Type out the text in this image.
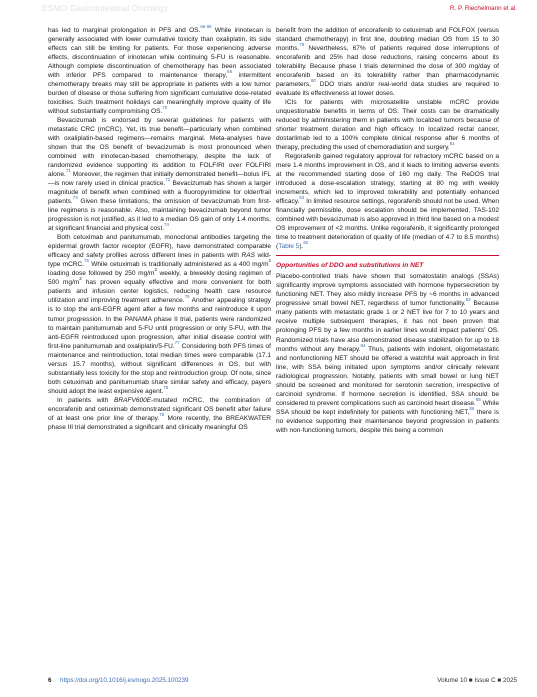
ESMO Gastrointestinal Oncology	R. P. Riechelmann et al.

has led to marginal prolongation in PFS and OS.$^{66-68}$ While irinotecan is generally associated with lower cumulative toxicity than oxaliplatin, its side effects can still be limiting for patients. For those experiencing adverse effects, discontinuation of irinotecan while continuing 5-FU is reasonable. Although complete discontinuation of chemotherapy has been associated with inferior PFS compared to maintenance therapy,$^{69}$ intermittent chemotherapy breaks may still be appropriate in patients with a low tumor burden of disease or those suffering from significant cumulative dose-related toxicities. Such treatment holidays can meaningfully improve quality of life without substantially compromising OS.$^{70}$

Bevacizumab is endorsed by several guidelines for patients with metastatic CRC (mCRC). Yet, its true benefit—particularly when combined with oxaliplatin-based regimens—remains marginal. Meta-analyses have shown that the OS benefit of bevacizumab is most pronounced when combined with irinotecan-based chemotherapy, despite the lack of randomized evidence supporting its addition to FOLFIRI over FOLFIRI alone.$^{71}$ Moreover, the regimen that initially demonstrated benefit—bolus IFL—is now rarely used in clinical practice.$^{72}$ Bevacizumab has shown a larger magnitude of benefit when combined with a fluoropyrimidine for older/frail patients.$^{73}$ Given these limitations, the omission of bevacizumab from first-line regimens is reasonable. Also, maintaining bevacizumab beyond tumor progression is not justified, as it led to a median OS gain of only 1.4 months, at significant financial and physical cost.$^{74}$

Both cetuximab and panitumumab, monoclonal antibodies targeting the epidermal growth factor receptor (EGFR), have demonstrated comparable efficacy and safety profiles across different lines in patients with RAS wild-type mCRC.$^{75}$ While cetuximab is traditionally administered as a 400 $mg/m^2$ loading dose followed by 250 $mg/m^2$ weekly, a biweekly dosing regimen of 500 $mg/m^2$ has proven equally effective and more convenient for both patients and infusion center logistics, reducing health care resource utilization and improving treatment adherence.$^{76}$ Another appealing strategy is to stop the anti-EGFR agent after a few months and reintroduce it upon tumor progression. In the PANAMA phase II trial, patients were randomized to maintain panitumumab and 5-FU until progression or only 5-FU, with the anti-EGFR reintroduced upon progression, after initial disease control with first-line panitumumab and oxaliplatin/5-FU.$^{77}$ Considering both PFS times of maintenance and reintroduction, total median times were comparable (17.1 versus 15.7 months), without significant differences in OS, but with substantially less toxicity for the stop and reintroduction group. Of note, since both cetuximab and panitumumab share similar safety and efficacy, payers should adopt the least expensive agent.$^{75}$

In patients with BRAFV600E-mutated mCRC, the combination of encorafenib and cetuximab demonstrated significant OS benefit after failure of at least one prior line of therapy.$^{78}$ More recently, the BREAKWATER phase III trial demonstrated a significant and clinically meaningful OS

benefit from the addition of encorafenib to cetuximab and FOLFOX (versus standard chemotherapy) in first line, doubling median OS from 15 to 30 months.$^{79}$ Nevertheless, 67% of patients required dose interruptions of encorafenib and 25% had dose reductions, raising concerns about its tolerability. Because phase I trials determined the dose of 300 mg/day of encorafenib based on its tolerability rather than pharmacodynamic parameters,$^{80}$ DDO trials and/or real-world data studies are required to evaluate its effectiveness at lower doses.

ICIs for patients with microsatellite unstable mCRC provide unquestionable benefits in terms of OS. Their costs can be dramatically reduced by administering them in patients with localized tumors because of shorter treatment duration and high efficacy. In localized rectal cancer, dostarlimab led to a 100% complete clinical response after 6 months of therapy, precluding the used of chemoradiation and surgery.$^{81}$

Regorafenib gained regulatory approval for refractory mCRC based on a mere 1.4 months improvement in OS, and it leads to limiting adverse events at the recommended starting dose of 160 mg daily. The ReDOS trial introduced a dose-escalation strategy, starting at 80 mg with weekly increments, which led to improved tolerability and potentially enhanced efficacy.$^{53}$ In limited resource settings, regorafenib should not be used. When financially permissible, dose escalation should be implemented. TAS-102 combined with bevacizumab is also approved in third line based on a modest OS improvement of <2 months. Unlike regorafenib, it significantly prolonged time to treatment deterioration of quality of life (median of 4.7 to 8.5 months) (Table 5).$^{82}$

Opportunities of DDO and substitutions in NET

Placebo-controlled trials have shown that somatostatin analogs (SSAs) significantly improve symptoms associated with hormone hypersecretion by functioning NET. They also mildly increase PFS by ~6 months in advanced progressive small bowel NET, regardless of tumor functionality.$^{83}$ Because many patients with metastatic grade 1 or 2 NET live for 7 to 10 years and receive multiple subsequent therapies, it has not been proven that prolonging PFS by a few months in earlier lines would impact patients’ OS. Randomized trials have also demonstrated disease stabilization for up to 18 months without any therapy.$^{84}$ Thus, patients with indolent, oligometastatic and nonfunctioning NET should be offered a watchful wait approach in first line, with SSA being initiated upon symptoms and/or clinically relevant radiological progression. Notably, patients with small bowel or lung NET should be screened and monitored for serotonin secretion, irrespective of carcinoid syndrome. If hormone secretion is identified, SSA should be considered to prevent complications such as carcinoid heart disease.$^{85}$ While SSA should be kept indefinitely for patients with functioning NET,$^{86}$ there is no evidence supporting their maintenance beyond progression in patients with non-functioning tumors, despite this being a common

6 https://doi.org/10.1016/j.esmogo.2025.100239	Volume 10 ■ Issue C ■ 2025
